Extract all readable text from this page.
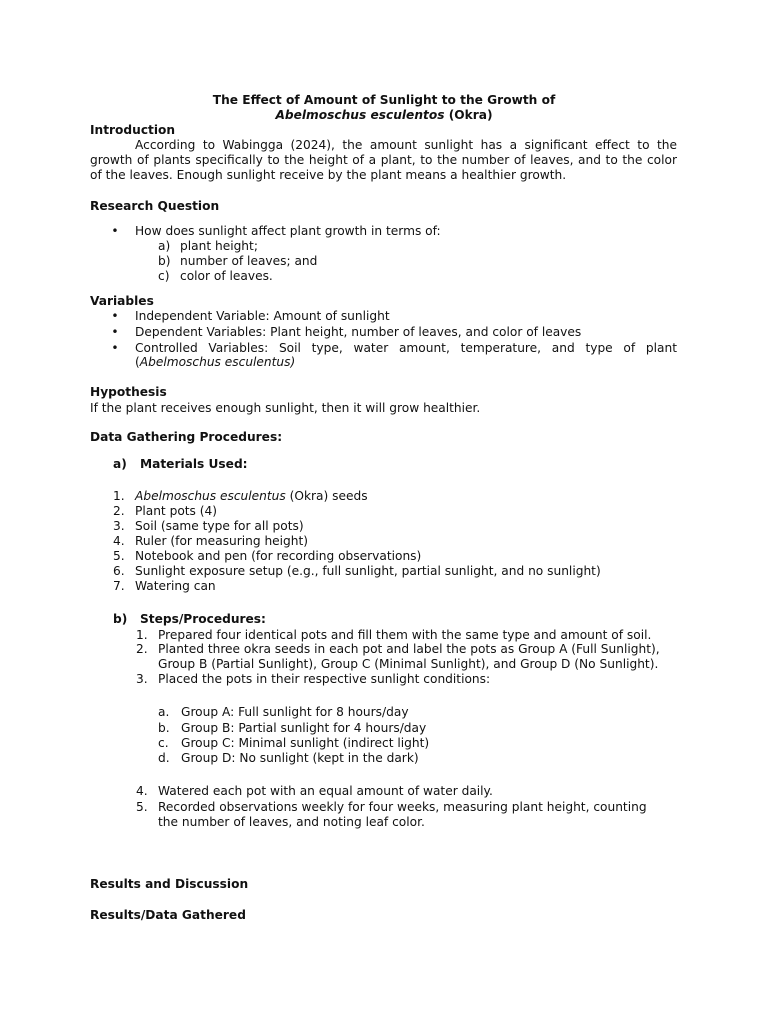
The Effect of Amount of Sunlight to the Growth of
Abelmoschus esculentos (Okra)
Introduction
According to Wabingga (2024), the amount sunlight has a significant effect to the growth of plants specifically to the height of a plant, to the number of leaves, and to the color of the leaves. Enough sunlight receive by the plant means a healthier growth.
Research Question
• How does sunlight affect plant growth in terms of:
a) plant height;
b) number of leaves; and
c) color of leaves.
Variables
• Independent Variable: Amount of sunlight
• Dependent Variables: Plant height, number of leaves, and color of leaves
• Controlled Variables: Soil type, water amount, temperature, and type of plant
(Abelmoschus esculentus)
Hypothesis
If the plant receives enough sunlight, then it will grow healthier.
Data Gathering Procedures:
a) Materials Used:
1. Abelmoschus esculentus (Okra) seeds
2. Plant pots (4)
3. Soil (same type for all pots)
4. Ruler (for measuring height)
5. Notebook and pen (for recording observations)
6. Sunlight exposure setup (e.g., full sunlight, partial sunlight, and no sunlight)
7. Watering can
b) Steps/Procedures:
1. Prepared four identical pots and fill them with the same type and amount of soil.
2. Planted three okra seeds in each pot and label the pots as Group A (Full Sunlight),
Group B (Partial Sunlight), Group C (Minimal Sunlight), and Group D (No Sunlight).
3. Placed the pots in their respective sunlight conditions:
a. Group A: Full sunlight for 8 hours/day
b. Group B: Partial sunlight for 4 hours/day
c. Group C: Minimal sunlight (indirect light)
d. Group D: No sunlight (kept in the dark)
4. Watered each pot with an equal amount of water daily.
5. Recorded observations weekly for four weeks, measuring plant height, counting
the number of leaves, and noting leaf color.
Results and Discussion
Results/Data Gathered
